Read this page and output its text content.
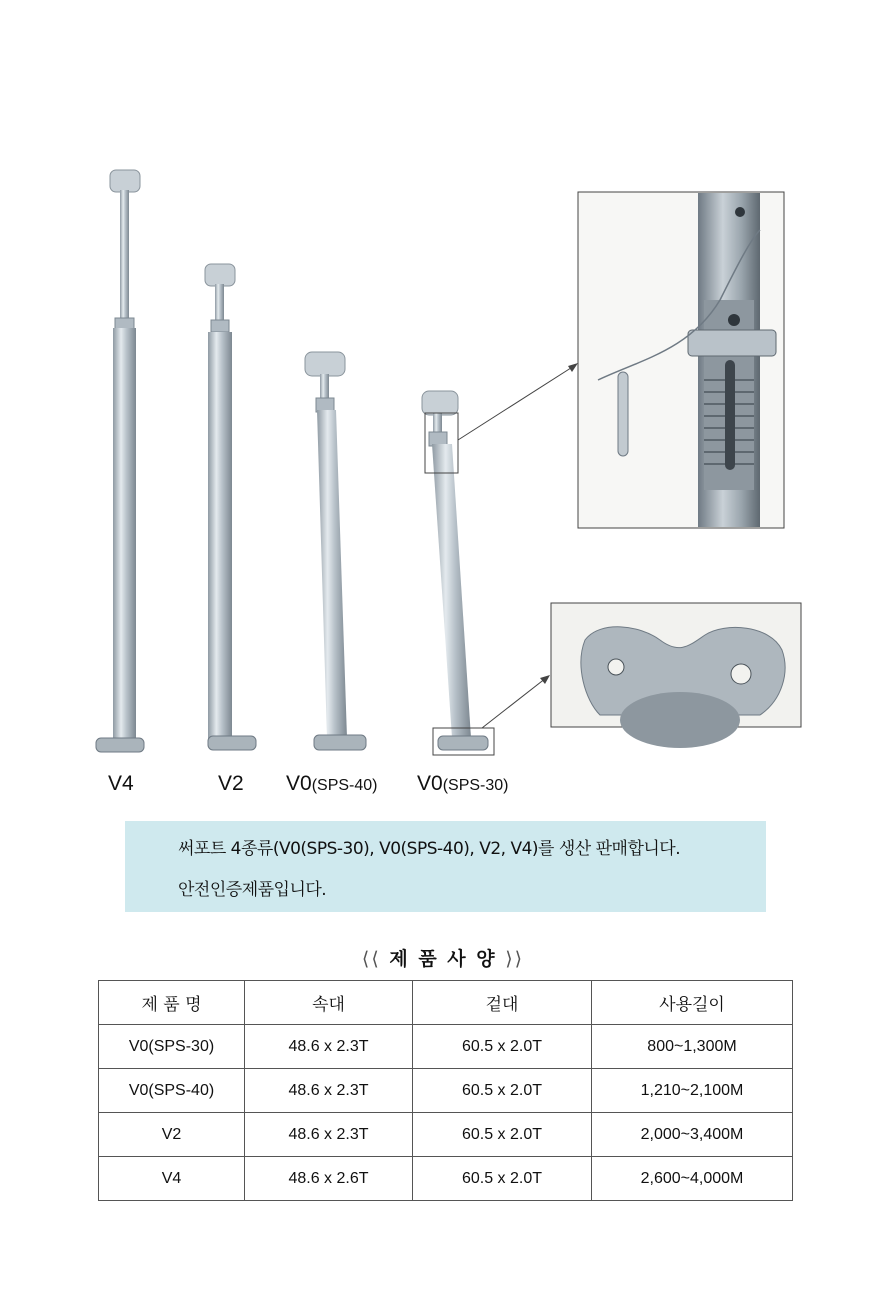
V4	V2 V0(SPS-40) V0(SPS-30)
써포트 4종류(V0(SPS-30), V0(SPS-40), V2, V4)를 생산 판매합니다.
안전인증제품입니다.
⟨⟨ 제 품 사 양 ⟩⟩
제 품 명	속대	겉대	사용길이
V0(SPS-30)	48.6 x 2.3T	60.5 x 2.0T	800~1,300M
V0(SPS-40)	48.6 x 2.3T	60.5 x 2.0T	1,210~2,100M
V2	48.6 x 2.3T	60.5 x 2.0T	2,000~3,400M
V4	48.6 x 2.6T	60.5 x 2.0T	2,600~4,000M
